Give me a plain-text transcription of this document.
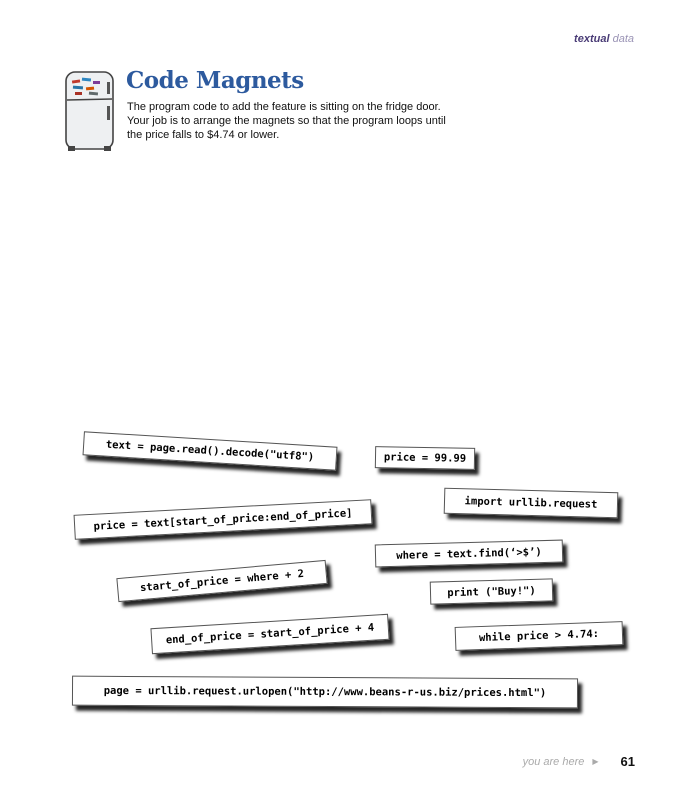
textual data
Code Magnets
The program code to add the feature is sitting on the fridge door. Your job is to arrange the magnets so that the program loops until the price falls to $4.74 or lower.
text = page.read().decode("utf8")	price = 99.99
import urllib.request
price = text[start_of_price:end_of_price]
where = text.find(‘>$’)
start_of_price = where + 2	print ("Buy!")
end_of_price = start_of_price + 4	while price > 4.74:
page = urllib.request.urlopen("http://www.beans-r-us.biz/prices.html")
you are here ▶ 61
